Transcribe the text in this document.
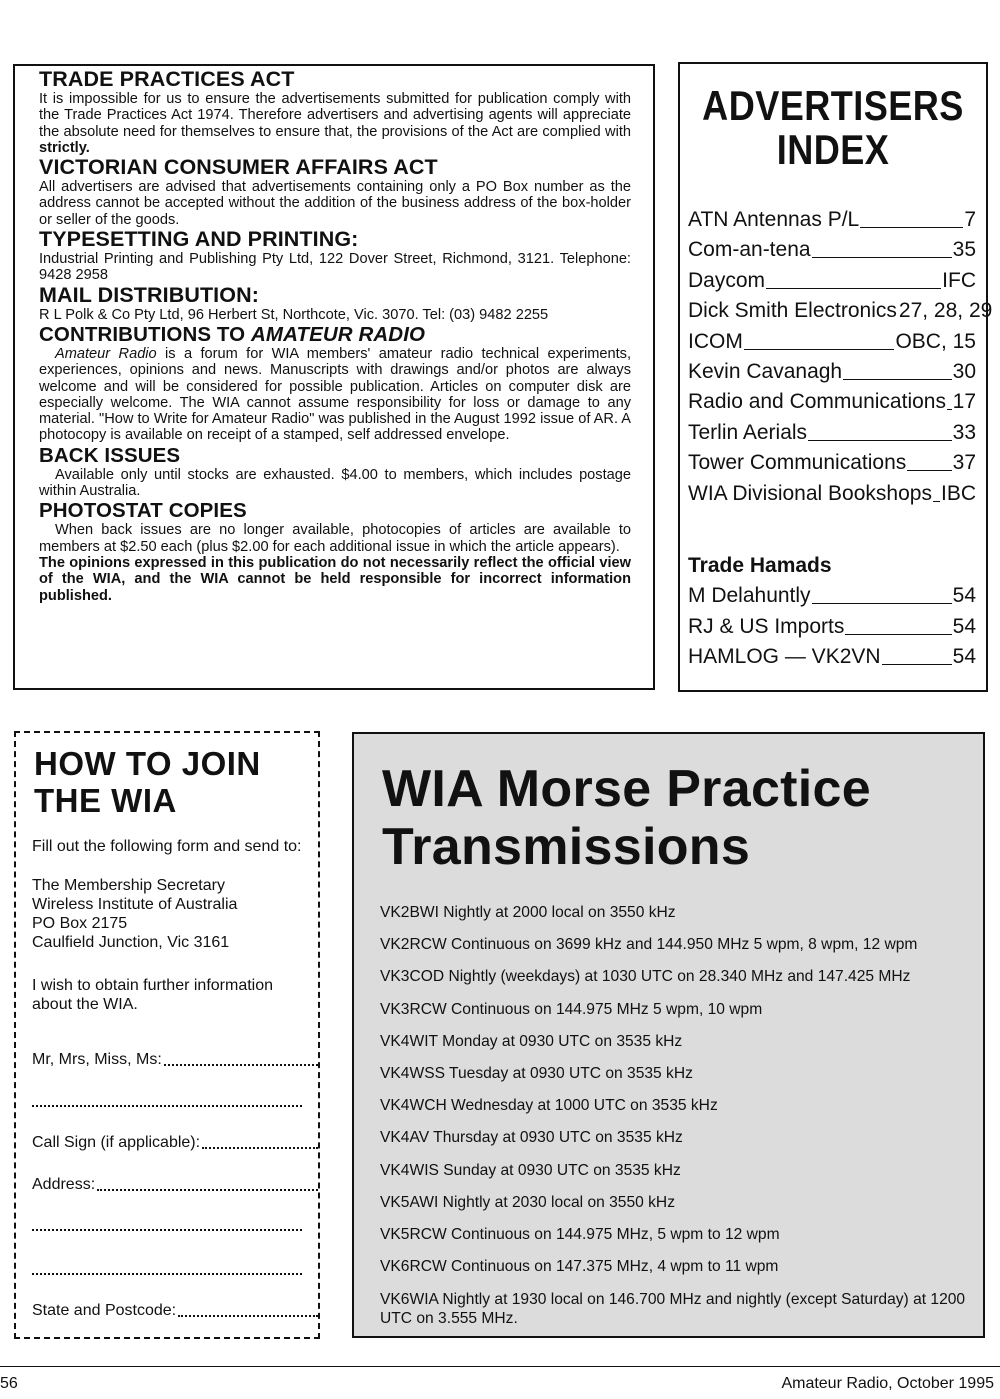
TRADE PRACTICES ACT

It is impossible for us to ensure the advertisements submitted for publication comply with the Trade Practices Act 1974. Therefore advertisers and advertising agents will appreciate the absolute need for themselves to ensure that, the provisions of the Act are complied with strictly.

VICTORIAN CONSUMER AFFAIRS ACT

All advertisers are advised that advertisements containing only a PO Box number as the address cannot be accepted without the addition of the business address of the box-holder or seller of the goods.

TYPESETTING AND PRINTING:

Industrial Printing and Publishing Pty Ltd, 122 Dover Street, Richmond, 3121. Telephone: 9428 2958

MAIL DISTRIBUTION:

R L Polk & Co Pty Ltd, 96 Herbert St, Northcote, Vic. 3070. Tel: (03) 9482 2255

CONTRIBUTIONS TO AMATEUR RADIO

Amateur Radio is a forum for WIA members' amateur radio technical experiments, experiences, opinions and news. Manuscripts with drawings and/or photos are always welcome and will be considered for possible publication. Articles on computer disk are especially welcome. The WIA cannot assume responsibility for loss or damage to any material. "How to Write for Amateur Radio" was published in the August 1992 issue of AR. A photocopy is available on receipt of a stamped, self addressed envelope.

BACK ISSUES

Available only until stocks are exhausted. $4.00 to members, which includes postage within Australia.

PHOTOSTAT COPIES

When back issues are no longer available, photocopies of articles are available to members at $2.50 each (plus $2.00 for each additional issue in which the article appears).

The opinions expressed in this publication do not necessarily reflect the official view of the WIA, and the WIA cannot be held responsible for incorrect information published.

ADVERTISERS
INDEX
ATN Antennas P/L	7
Com-an-tena	35
Daycom	IFC
Dick Smith Electronics 27, 28, 29
ICOM	OBC, 15
Kevin Cavanagh	30
Radio and Communications 17
Terlin Aerials	33
Tower Communications 37
WIA Divisional Bookshops IBC
Trade Hamads
M Delahuntly	54
RJ & US Imports	54
HAMLOG — VK2VN	54
HOW TO JOIN
THE WIA

Fill out the following form and send to:

The Membership Secretary

Wireless Institute of Australia

PO Box 2175

Caulfield Junction, Vic 3161

I wish to obtain further information about the WIA.

Mr, Mrs, Miss, Ms:
Call Sign (if applicable):
Address:
State and Postcode:
WIA Morse Practice
Transmissions
VK2BWI Nightly at 2000 local on 3550 kHz
VK2RCW Continuous on 3699 kHz and 144.950 MHz 5 wpm, 8 wpm, 12 wpm
VK3COD Nightly (weekdays) at 1030 UTC on 28.340 MHz and 147.425 MHz
VK3RCW Continuous on 144.975 MHz 5 wpm, 10 wpm
VK4WIT Monday at 0930 UTC on 3535 kHz
VK4WSS Tuesday at 0930 UTC on 3535 kHz
VK4WCH Wednesday at 1000 UTC on 3535 kHz
VK4AV Thursday at 0930 UTC on 3535 kHz
VK4WIS Sunday at 0930 UTC on 3535 kHz
VK5AWI Nightly at 2030 local on 3550 kHz
VK5RCW Continuous on 144.975 MHz, 5 wpm to 12 wpm
VK6RCW Continuous on 147.375 MHz, 4 wpm to 11 wpm
VK6WIA Nightly at 1930 local on 146.700 MHz and nightly (except Saturday) at 1200 UTC on 3.555 MHz.
56	Amateur Radio, October 1995
